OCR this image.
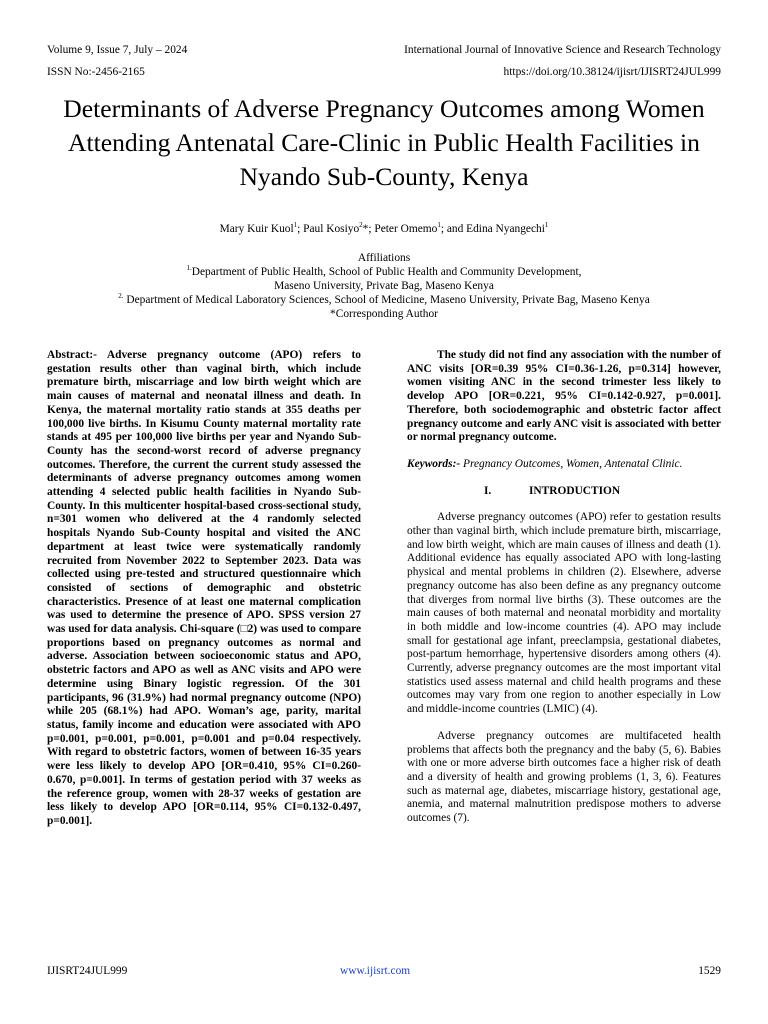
Volume 9, Issue 7, July – 2024	International Journal of Innovative Science and Research Technology
ISSN No:-2456-2165	https://doi.org/10.38124/ijisrt/IJISRT24JUL999
Determinants of Adverse Pregnancy Outcomes among Women Attending Antenatal Care-Clinic in Public Health Facilities in Nyando Sub-County, Kenya
Mary Kuir Kuol$^1$; Paul Kosiyo$^2$*; Peter Omemo$^1$; and Edina Nyangechi$^1$
Affiliations
$^{1.}$Department of Public Health, School of Public Health and Community Development,
Maseno University, Private Bag, Maseno Kenya
$^{2.}$ Department of Medical Laboratory Sciences, School of Medicine, Maseno University, Private Bag, Maseno Kenya
*Corresponding Author

Abstract:- Adverse pregnancy outcome (APO) refers to gestation results other than vaginal birth, which include premature birth, miscarriage and low birth weight which are main causes of maternal and neonatal illness and death. In Kenya, the maternal mortality ratio stands at 355 deaths per 100,000 live births. In Kisumu County maternal mortality rate stands at 495 per 100,000 live births per year and Nyando Sub-County has the second-worst record of adverse pregnancy outcomes. Therefore, the current the current study assessed the determinants of adverse pregnancy outcomes among women attending 4 selected public health facilities in Nyando Sub-County. In this multicenter hospital-based cross-sectional study, n=301 women who delivered at the 4 randomly selected hospitals Nyando Sub-County hospital and visited the ANC department at least twice were systematically randomly recruited from November 2022 to September 2023. Data was collected using pre-tested and structured questionnaire which consisted of sections of demographic and obstetric characteristics. Presence of at least one maternal complication was used to determine the presence of APO. SPSS version 27 was used for data analysis. Chi-square (□2) was used to compare proportions based on pregnancy outcomes as normal and adverse. Association between socioeconomic status and APO, obstetric factors and APO as well as ANC visits and APO were determine using Binary logistic regression. Of the 301 participants, 96 (31.9%) had normal pregnancy outcome (NPO) while 205 (68.1%) had APO. Woman’s age, parity, marital status, family income and education were associated with APO p=0.001, p=0.001, p=0.001, p=0.001 and p=0.04 respectively. With regard to obstetric factors, women of between 16-35 years were less likely to develop APO [OR=0.410, 95% CI=0.260-0.670, p=0.001]. In terms of gestation period with 37 weeks as the reference group, women with 28-37 weeks of gestation are less likely to develop APO [OR=0.114, 95% CI=0.132-0.497, p=0.001].

The study did not find any association with the number of ANC visits [OR=0.39 95% CI=0.36-1.26, p=0.314] however, women visiting ANC in the second trimester less likely to develop APO [OR=0.221, 95% CI=0.142-0.927, p=0.001]. Therefore, both sociodemographic and obstetric factor affect pregnancy outcome and early ANC visit is associated with better or normal pregnancy outcome.

Keywords:- Pregnancy Outcomes, Women, Antenatal Clinic.

I.	INTRODUCTION

Adverse pregnancy outcomes (APO) refer to gestation results other than vaginal birth, which include premature birth, miscarriage, and low birth weight, which are main causes of illness and death (1). Additional evidence has equally associated APO with long-lasting physical and mental problems in children (2). Elsewhere, adverse pregnancy outcome has also been define as any pregnancy outcome that diverges from normal live births (3). These outcomes are the main causes of both maternal and neonatal morbidity and mortality in both middle and low-income countries (4). APO may include small for gestational age infant, preeclampsia, gestational diabetes, post-partum hemorrhage, hypertensive disorders among others (4). Currently, adverse pregnancy outcomes are the most important vital statistics used assess maternal and child health programs and these outcomes may vary from one region to another especially in Low and middle-income countries (LMIC) (4).

Adverse pregnancy outcomes are multifaceted health problems that affects both the pregnancy and the baby (5, 6). Babies with one or more adverse birth outcomes face a higher risk of death and a diversity of health and growing problems (1, 3, 6). Features such as maternal age, diabetes, miscarriage history, gestational age, anemia, and maternal malnutrition predispose mothers to adverse outcomes (7).

IJISRT24JUL999	www.ijisrt.com	1529
